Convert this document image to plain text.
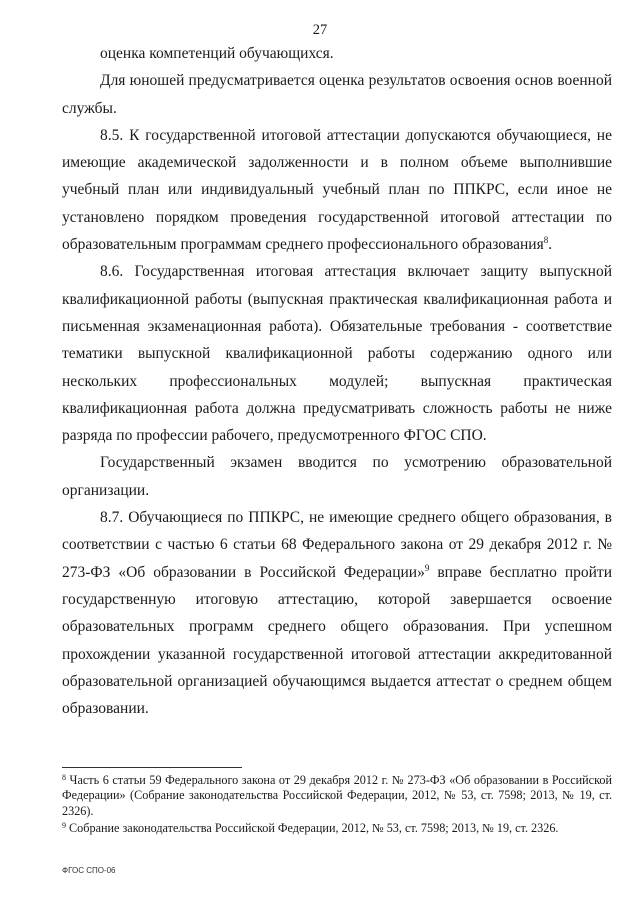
27

оценка компетенций обучающихся.

Для юношей предусматривается оценка результатов освоения основ военной службы.

8.5. К государственной итоговой аттестации допускаются обучающиеся, не имеющие академической задолженности и в полном объеме выполнившие учебный план или индивидуальный учебный план по ППКРС, если иное не установлено порядком проведения государственной итоговой аттестации по образовательным программам среднего профессионального образования$^8$.

8.6. Государственная итоговая аттестация включает защиту выпускной квалификационной работы (выпускная практическая квалификационная работа и письменная экзаменационная работа). Обязательные требования - соответствие тематики выпускной квалификационной работы содержанию одного или нескольких профессиональных модулей; выпускная практическая квалификационная работа должна предусматривать сложность работы не ниже разряда по профессии рабочего, предусмотренного ФГОС СПО.

Государственный экзамен вводится по усмотрению образовательной организации.

8.7. Обучающиеся по ППКРС, не имеющие среднего общего образования, в соответствии с частью 6 статьи 68 Федерального закона от 29 декабря 2012 г. № 273-ФЗ «Об образовании в Российской Федерации»$^9$ вправе бесплатно пройти государственную итоговую аттестацию, которой завершается освоение образовательных программ среднего общего образования. При успешном прохождении указанной государственной итоговой аттестации аккредитованной образовательной организацией обучающимся выдается аттестат о среднем общем образовании.

$^8$ Часть 6 статьи 59 Федерального закона от 29 декабря 2012 г. № 273-ФЗ «Об образовании в Российской Федерации» (Собрание законодательства Российской Федерации, 2012, № 53, ст. 7598; 2013, № 19, ст. 2326).

$^9$ Собрание законодательства Российской Федерации, 2012, № 53, ст. 7598; 2013, № 19, ст. 2326.

ФГОС СПО-06
